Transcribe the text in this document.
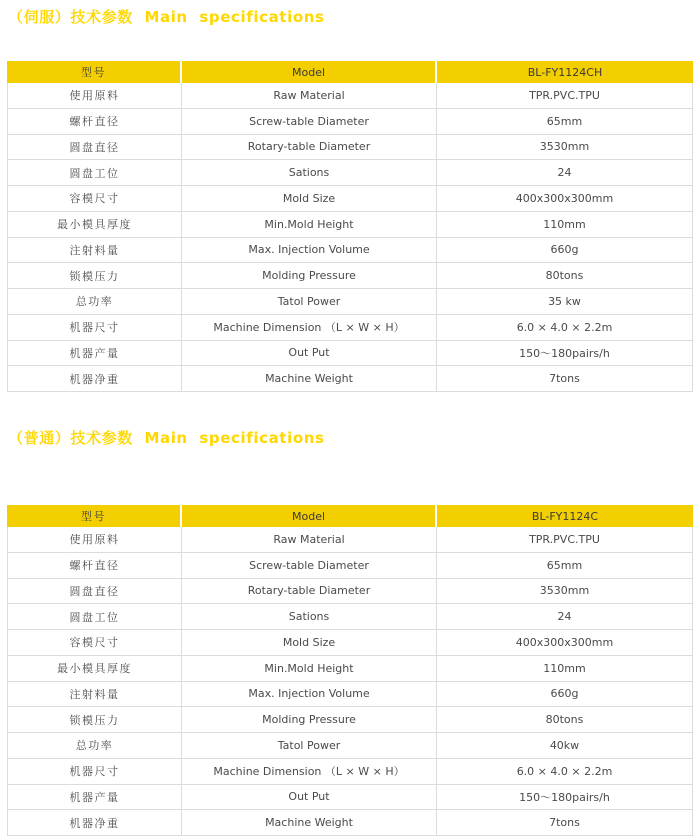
（伺服）技术参数  Main  specifications
型号	Model	BL-FY1124CH
使用原料	Raw Material	TPR.PVC.TPU
螺杆直径	Screw-table Diameter	65mm
圆盘直径	Rotary-table Diameter	3530mm
圆盘工位	Sations	24
容模尺寸	Mold Size	400x300x300mm
最小模具厚度	Min.Mold Height	110mm
注射料量	Max. Injection Volume	660g
锁模压力	Molding Pressure	80tons
总功率	Tatol Power	35 kw
机器尺寸	Machine Dimension （L × W × H）	6.0 × 4.0 × 2.2m
机器产量	Out Put	150～180pairs/h
机器净重	Machine Weight	7tons
（普通）技术参数  Main  specifications
型号	Model	BL-FY1124C
使用原料	Raw Material	TPR.PVC.TPU
螺杆直径	Screw-table Diameter	65mm
圆盘直径	Rotary-table Diameter	3530mm
圆盘工位	Sations	24
容模尺寸	Mold Size	400x300x300mm
最小模具厚度	Min.Mold Height	110mm
注射料量	Max. Injection Volume	660g
锁模压力	Molding Pressure	80tons
总功率	Tatol Power	40kw
机器尺寸	Machine Dimension （L × W × H）	6.0 × 4.0 × 2.2m
机器产量	Out Put	150～180pairs/h
机器净重	Machine Weight	7tons
